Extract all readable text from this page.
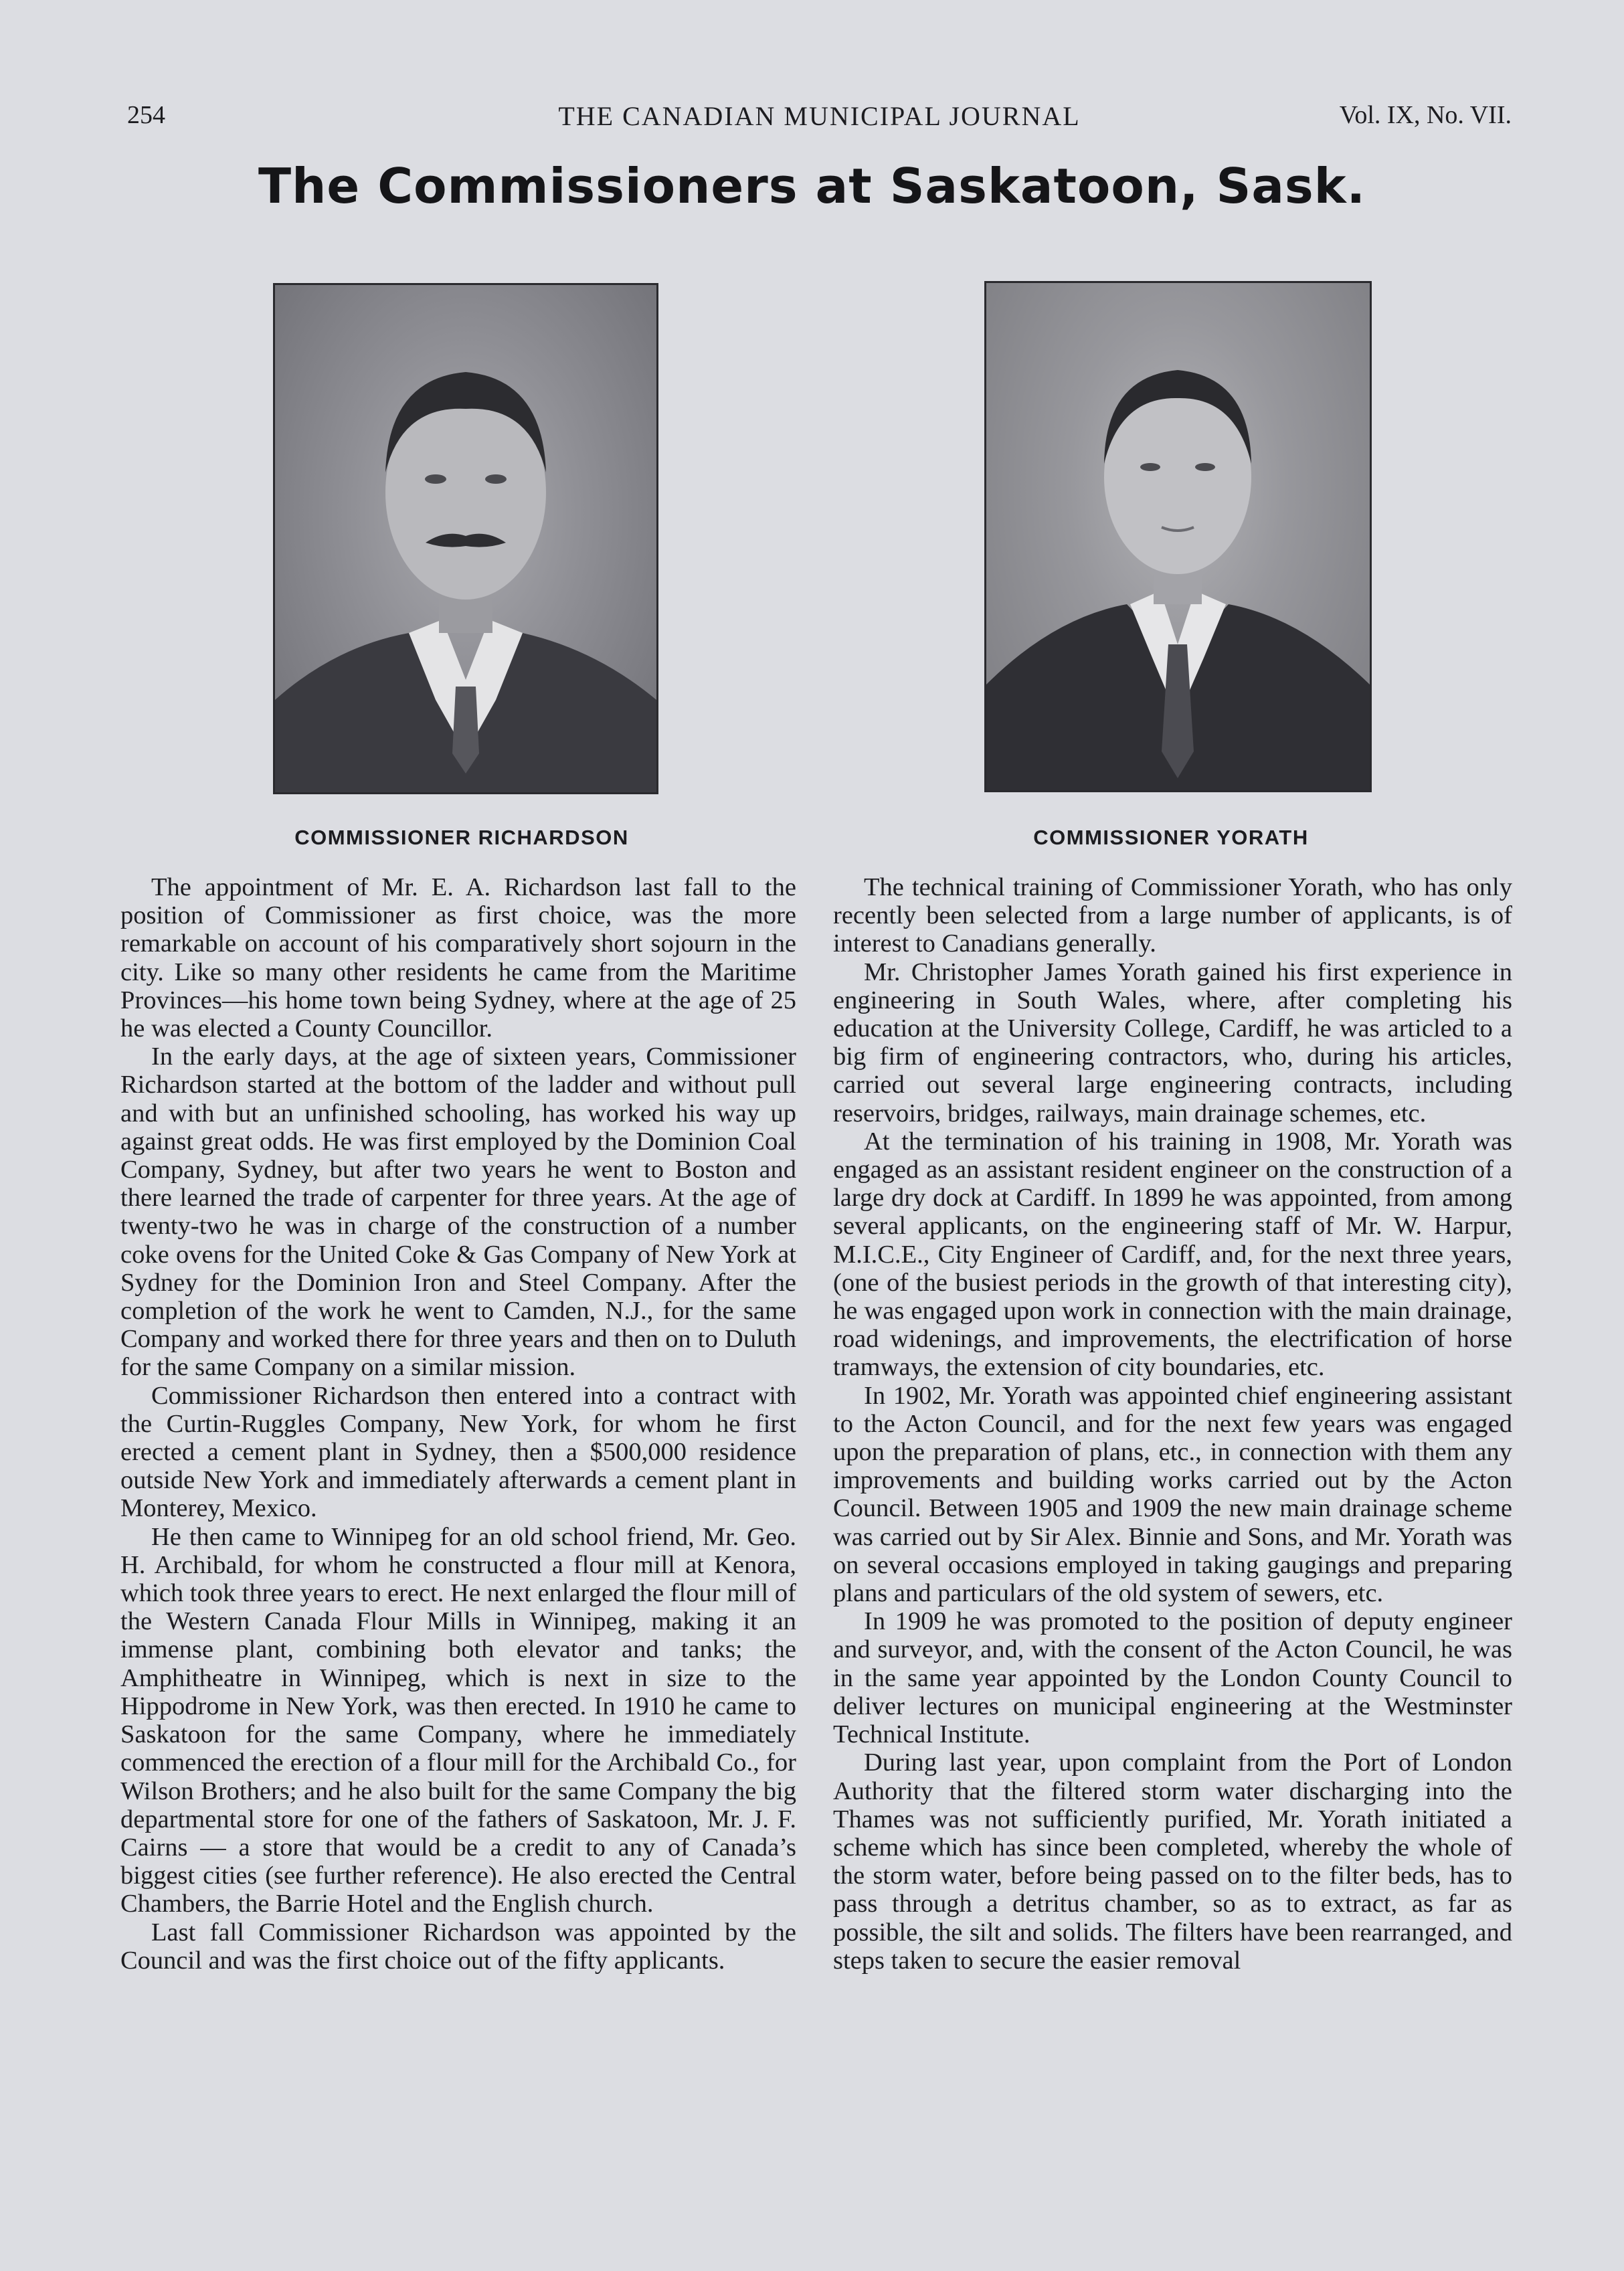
254	THE CANADIAN MUNICIPAL JOURNAL	Vol. IX, No. VII.
The Commissioners at Saskatoon, Sask.
COMMISSIONER RICHARDSON	COMMISSIONER YORATH

The appointment of Mr. E. A. Richardson last fall to the position of Commissioner as first choice, was the more remarkable on account of his comparatively short sojourn in the city. Like so many other residents he came from the Maritime Provinces—his home town being Sydney, where at the age of 25 he was elected a County Councillor.

In the early days, at the age of sixteen years, Commissioner Richardson started at the bottom of the ladder and without pull and with but an unfinished schooling, has worked his way up against great odds. He was first employed by the Dominion Coal Company, Sydney, but after two years he went to Boston and there learned the trade of carpenter for three years. At the age of twenty-two he was in charge of the construction of a number coke ovens for the United Coke & Gas Company of New York at Sydney for the Dominion Iron and Steel Company. After the completion of the work he went to Camden, N.J., for the same Company and worked there for three years and then on to Duluth for the same Company on a similar mission.

Commissioner Richardson then entered into a contract with the Curtin-Ruggles Company, New York, for whom he first erected a cement plant in Sydney, then a $500,000 residence outside New York and immediately afterwards a cement plant in Monterey, Mexico.

He then came to Winnipeg for an old school friend, Mr. Geo. H. Archibald, for whom he constructed a flour mill at Kenora, which took three years to erect. He next enlarged the flour mill of the Western Canada Flour Mills in Winnipeg, making it an immense plant, combining both elevator and tanks; the Amphitheatre in Winnipeg, which is next in size to the Hippodrome in New York, was then erected. In 1910 he came to Saskatoon for the same Company, where he immediately commenced the erection of a flour mill for the Archibald Co., for Wilson Brothers; and he also built for the same Company the big departmental store for one of the fathers of Saskatoon, Mr. J. F. Cairns — a store that would be a credit to any of Canada’s biggest cities (see further reference). He also erected the Central Chambers, the Barrie Hotel and the English church.

Last fall Commissioner Richardson was appointed by the Council and was the first choice out of the fifty applicants.

The technical training of Commissioner Yorath, who has only recently been selected from a large number of applicants, is of interest to Canadians generally.

Mr. Christopher James Yorath gained his first experience in engineering in South Wales, where, after completing his education at the University College, Cardiff, he was articled to a big firm of engineering contractors, who, during his articles, carried out several large engineering contracts, including reservoirs, bridges, railways, main drainage schemes, etc.

At the termination of his training in 1908, Mr. Yorath was engaged as an assistant resident engineer on the construction of a large dry dock at Cardiff. In 1899 he was appointed, from among several applicants, on the engineering staff of Mr. W. Harpur, M.I.C.E., City Engineer of Cardiff, and, for the next three years, (one of the busiest periods in the growth of that interesting city), he was engaged upon work in connection with the main drainage, road widenings, and improvements, the electrification of horse tramways, the extension of city boundaries, etc.

In 1902, Mr. Yorath was appointed chief engineering assistant to the Acton Council, and for the next few years was engaged upon the preparation of plans, etc., in connection with them any improvements and building works carried out by the Acton Council. Between 1905 and 1909 the new main drainage scheme was carried out by Sir Alex. Binnie and Sons, and Mr. Yorath was on several occasions employed in taking gaugings and preparing plans and particulars of the old system of sewers, etc.

In 1909 he was promoted to the position of deputy engineer and surveyor, and, with the consent of the Acton Council, he was in the same year appointed by the London County Council to deliver lectures on municipal engineering at the Westminster Technical Institute.

During last year, upon complaint from the Port of London Authority that the filtered storm water discharging into the Thames was not sufficiently purified, Mr. Yorath initiated a scheme which has since been completed, whereby the whole of the storm water, before being passed on to the filter beds, has to pass through a detritus chamber, so as to extract, as far as possible, the silt and solids. The filters have been rearranged, and steps taken to secure the easier removal
